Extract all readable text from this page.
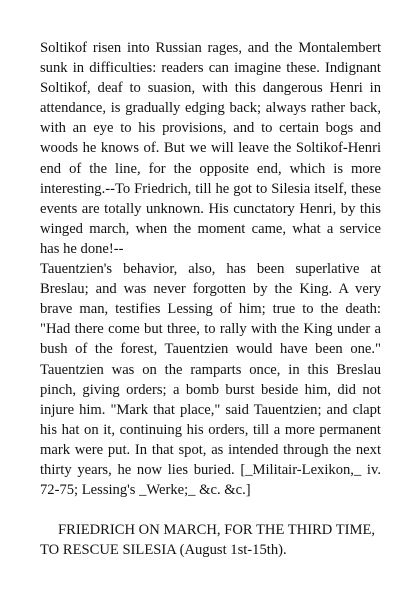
Soltikof risen into Russian rages, and the Montalembert sunk in difficulties: readers can imagine these. Indignant Soltikof, deaf to suasion, with this dangerous Henri in attendance, is gradually edging back; always rather back, with an eye to his provisions, and to certain bogs and woods he knows of. But we will leave the Soltikof-Henri end of the line, for the opposite end, which is more interesting.--To Friedrich, till he got to Silesia itself, these events are totally unknown. His cunctatory Henri, by this winged march, when the moment came, what a service has he done!--

Tauentzien's behavior, also, has been superlative at Breslau; and was never forgotten by the King. A very brave man, testifies Lessing of him; true to the death: "Had there come but three, to rally with the King under a bush of the forest, Tauentzien would have been one." Tauentzien was on the ramparts once, in this Breslau pinch, giving orders; a bomb burst beside him, did not injure him. "Mark that place," said Tauentzien; and clapt his hat on it, continuing his orders, till a more permanent mark were put. In that spot, as intended through the next thirty years, he now lies buried. [_Militair-Lexikon,_ iv. 72-75; Lessing's _Werke;_ &c. &c.]

FRIEDRICH ON MARCH, FOR THE THIRD TIME, TO RESCUE SILESIA (August 1st-15th).
